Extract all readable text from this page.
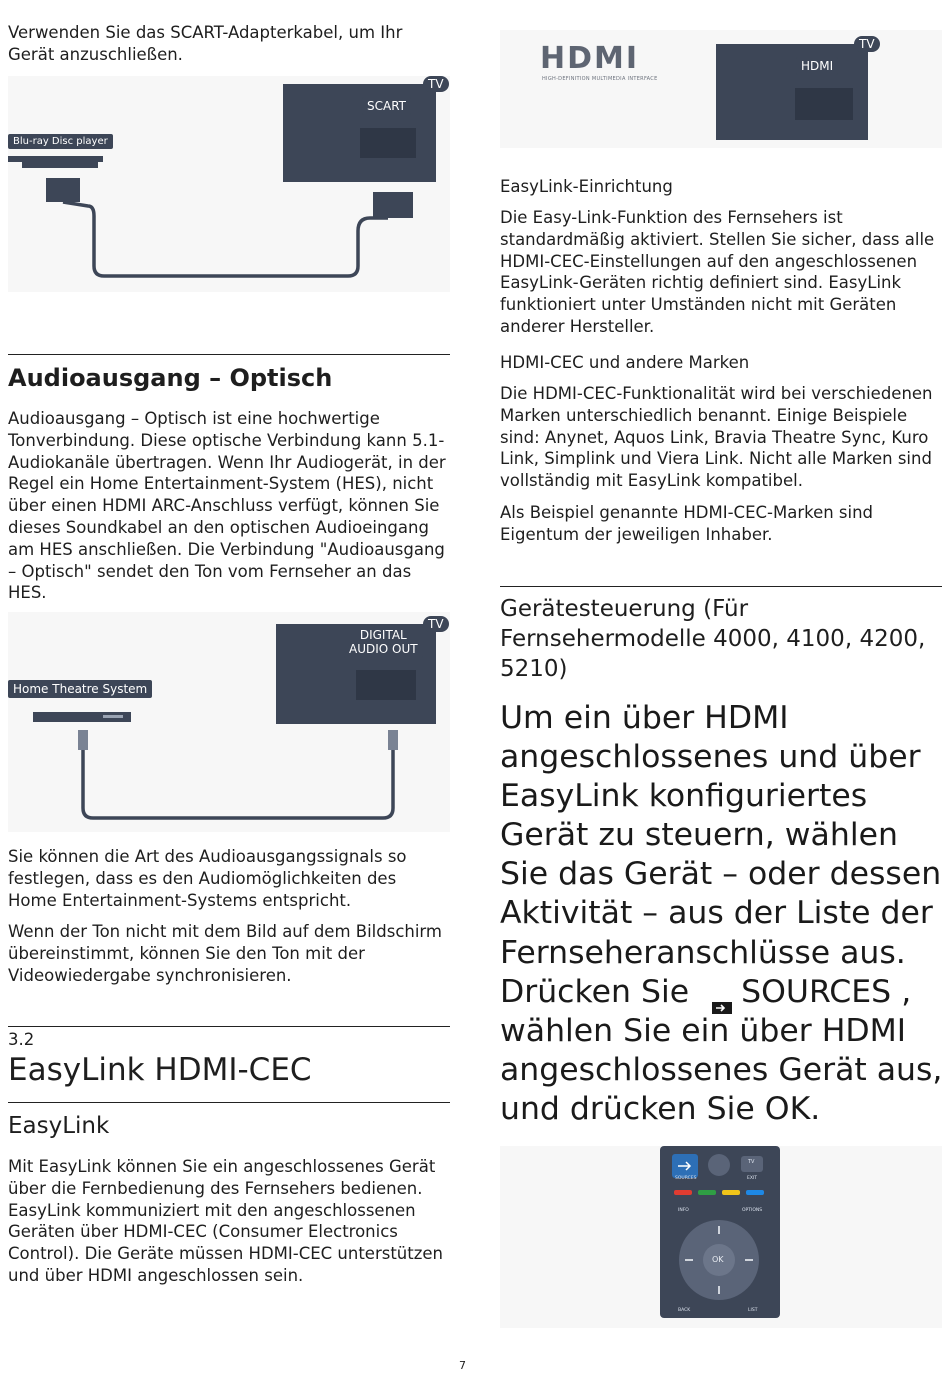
Verwenden Sie das SCART-Adapterkabel, um Ihr Gerät anzuschließen.

TV
SCART
Blu-ray Disc player
Audioausgang – Optisch

Audioausgang – Optisch ist eine hochwertige Tonverbindung. Diese optische Verbindung kann 5.1-Audiokanäle übertragen. Wenn Ihr Audiogerät, in der Regel ein Home Entertainment-System (HES), nicht über einen HDMI ARC-Anschluss verfügt, können Sie dieses Soundkabel an den optischen Audioeingang am HES anschließen. Die Verbindung "Audioausgang – Optisch" sendet den Ton vom Fernseher an das HES.

TV
DIGITAL
AUDIO OUT
Home Theatre System

Sie können die Art des Audioausgangssignals so festlegen, dass es den Audiomöglichkeiten des Home Entertainment-Systems entspricht.

Wenn der Ton nicht mit dem Bild auf dem Bildschirm übereinstimmt, können Sie den Ton mit der Videowiedergabe synchronisieren.

3.2
EasyLink HDMI-CEC
EasyLink

Mit EasyLink können Sie ein angeschlossenes Gerät über die Fernbedienung des Fernsehers bedienen. EasyLink kommuniziert mit den angeschlossenen Geräten über HDMI-CEC (Consumer Electronics Control). Die Geräte müssen HDMI-CEC unterstützen und über HDMI angeschlossen sein.

HDMI
HIGH-DEFINITION MULTIMEDIA INTERFACE
TV
HDMI
EasyLink-Einrichtung

Die Easy-Link-Funktion des Fernsehers ist standardmäßig aktiviert. Stellen Sie sicher, dass alle HDMI-CEC-Einstellungen auf den angeschlossenen EasyLink-Geräten richtig definiert sind. EasyLink funktioniert unter Umständen nicht mit Geräten anderer Hersteller.

HDMI-CEC und andere Marken

Die HDMI-CEC-Funktionalität wird bei verschiedenen Marken unterschiedlich benannt. Einige Beispiele sind: Anynet, Aquos Link, Bravia Theatre Sync, Kuro Link, Simplink und Viera Link. Nicht alle Marken sind vollständig mit EasyLink kompatibel.

Als Beispiel genannte HDMI-CEC-Marken sind Eigentum der jeweiligen Inhaber.

Gerätesteuerung (Für Fernsehermodelle 4000, 4100, 4200, 5210)
Um ein über HDMI angeschlossenes und über EasyLink konfiguriertes Gerät zu steuern, wählen Sie das Gerät – oder dessen Aktivität – aus der Liste der Fernseheranschlüsse aus. Drücken Sie SOURCES , wählen Sie ein über HDMI angeschlossenes Gerät aus, und drücken Sie OK.
SOURCES	EXIT
TV
INFO	OPTIONS
OK
BACK	LIST
7
